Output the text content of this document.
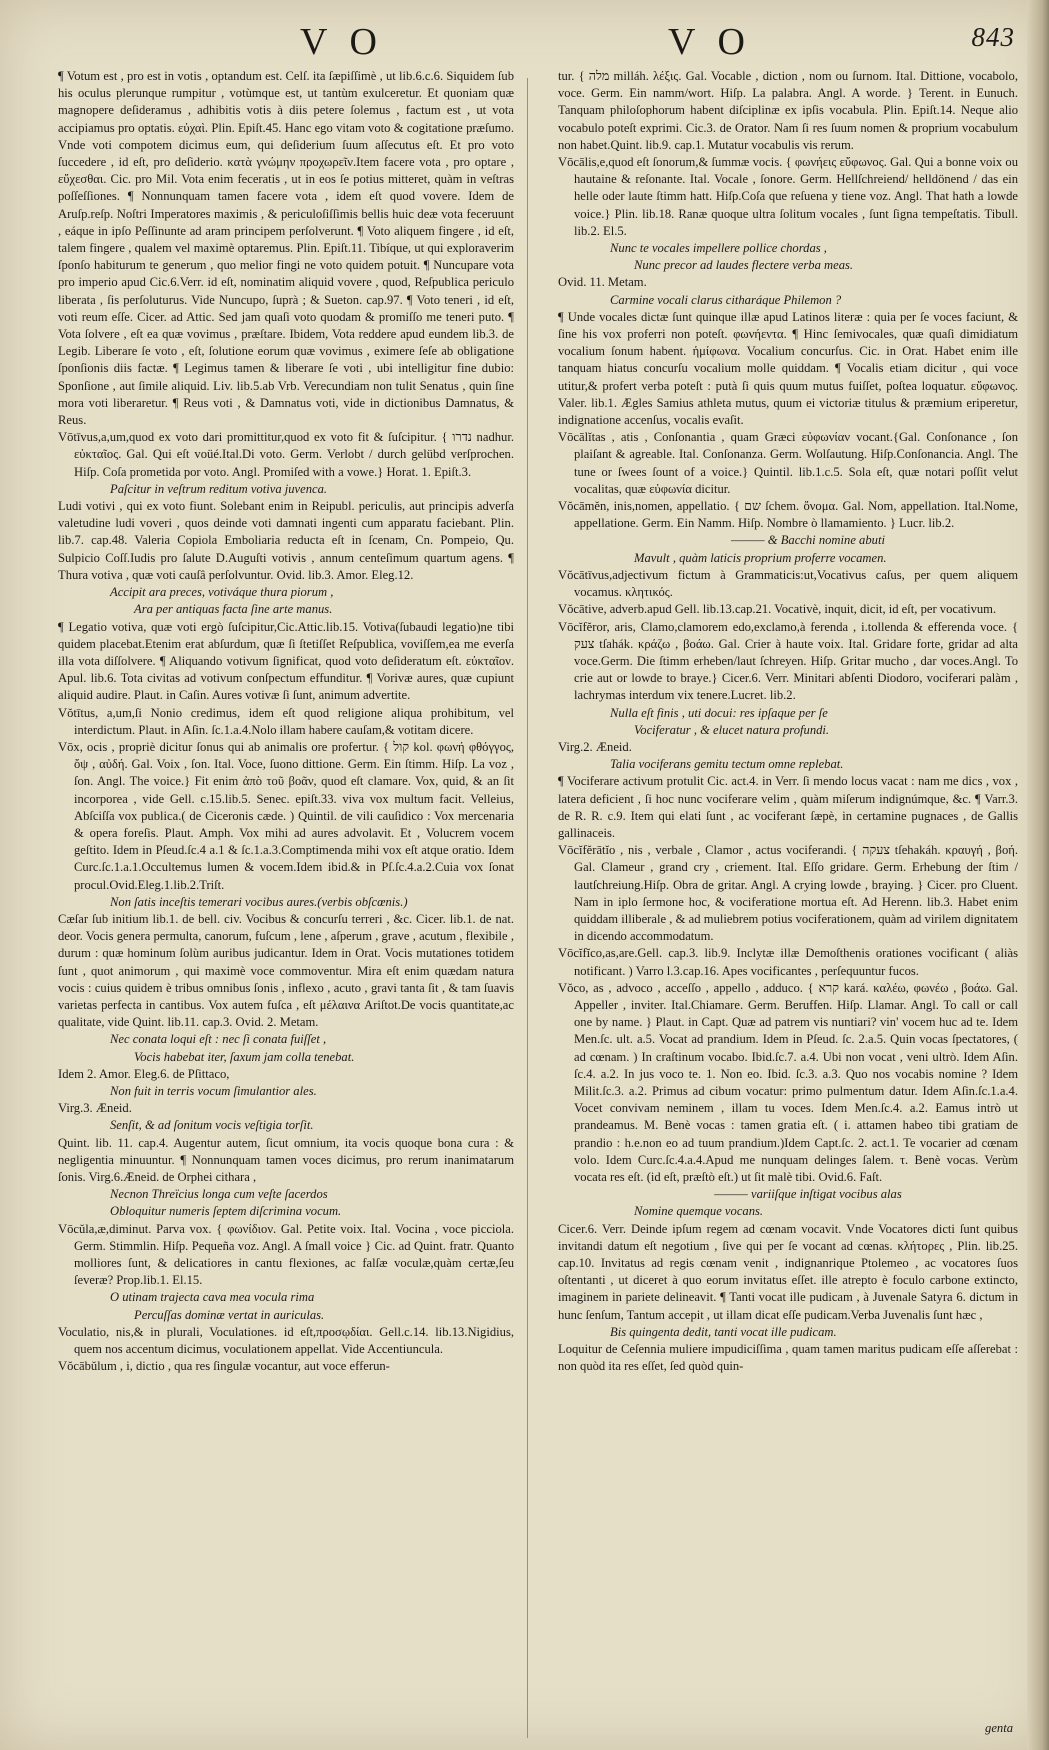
VO	VO	843

¶ Votum est , pro est in votis , optandum est. Celſ. ita ſæpiſſimè , ut lib.6.c.6. Siquidem ſub his oculus plerunque rumpitur , votùmque est, ut tantùm exulceretur. Et quoniam quæ magnopere deſideramus , adhibitis votis à diis petere ſolemus , factum est , ut vota accipiamus pro optatis. εὐχαὶ. Plin. Epiſt.45. Hanc ego vitam voto & cogitatione præſumo. Vnde voti compotem dicimus eum, qui deſiderium ſuum aſſecutus eſt. Et pro voto ſuccedere , id eſt, pro deſiderio. κατὰ γνώμην προχωρεῖν.Item facere vota , pro optare , εὔχεσθαι. Cic. pro Mil. Vota enim feceratis , ut in eos ſe potius mitteret, quàm in veſtras poſſeſſiones. ¶ Nonnunquam tamen facere vota , idem eſt quod vovere. Idem de Aruſp.reſp. Noſtri Imperatores maximis , & periculoſiſſimis bellis huic deæ vota feceruunt , eáque in ipſo Peſſinunte ad aram principem perſolverunt. ¶ Voto aliquem fingere , id eſt, talem fingere , qualem vel maximè optaremus. Plin. Epiſt.11. Tibíque, ut qui exploraverim ſponſo habiturum te generum , quo melior fingi ne voto quidem potuit. ¶ Nuncupare vota pro imperio apud Cic.6.Verr. id eſt, nominatim aliquid vovere , quod, Reſpublica periculo liberata , ſis perſoluturus. Vide Nuncupo, ſuprà ; & Sueton. cap.97. ¶ Voto teneri , id eſt, voti reum eſſe. Cicer. ad Attic. Sed jam quaſi voto quodam & promiſſo me teneri puto. ¶ Vota ſolvere , eſt ea quæ vovimus , præſtare. Ibidem, Vota reddere apud eundem lib.3. de Legib. Liberare ſe voto , eſt, ſolutione eorum quæ vovimus , eximere ſeſe ab obligatione ſponſionis diis factæ. ¶ Legimus tamen & liberare ſe voti , ubi intelligitur fine dubio: Sponſione , aut ſimile aliquid. Liv. lib.5.ab Vrb. Verecundiam non tulit Senatus , quin ſine mora voti liberaretur. ¶ Reus voti , & Damnatus voti, vide in dictionibus Damnatus, & Reus.

Vōtīvus,a,um,quod ex voto dari promittitur,quod ex voto fit & ſuſcipitur. { נדרו nadhur. εὐκταῖος. Gal. Qui eſt voüé.Ital.Di voto. Germ. Verlobt / durch gelübd verſprochen. Hiſp. Coſa prometida por voto. Angl. Promiſed with a vowe.} Horat. 1. Epiſt.3.

Paſcitur in veſtrum reditum votiva juvenca.

Ludi votivi , qui ex voto fiunt. Solebant enim in Reipubl. periculis, aut principis adverſa valetudine ludi voveri , quos deinde voti damnati ingenti cum apparatu faciebant. Plin. lib.7. cap.48. Valeria Copiola Emboliaria reducta eſt in ſcenam, Cn. Pompeio, Qu. Sulpicio Coſſ.Iudis pro ſalute D.Auguſti votivis , annum centeſimum quartum agens. ¶ Thura votiva , quæ voti cauſâ perſolvuntur. Ovid. lib.3. Amor. Eleg.12.

Accipit ara preces, votiváque thura piorum ,

Ara per antiquas facta ſine arte manus.

¶ Legatio votiva, quæ voti ergò ſuſcipitur,Cic.Attic.lib.15. Votiva(ſubaudi legatio)ne tibi quidem placebat.Etenim erat abſurdum, quæ ſi ſtetiſſet Reſpublica, voviſſem,ea me everſa illa vota diſſolvere. ¶ Aliquando votivum ſignificat, quod voto deſideratum eſt. εὐκταῖον. Apul. lib.6. Tota civitas ad votivum conſpectum effunditur. ¶ Vorivæ aures, quæ cupiunt aliquid audire. Plaut. in Caſin. Aures votivæ ſi ſunt, animum advertite.

Vŏtītus, a,um,ſi Nonio credimus, idem eſt quod religione aliqua prohibitum, vel interdictum. Plaut. in Aſin. ſc.1.a.4.Nolo illam habere cauſam,& votitam dicere.

Vōx, ocis , propriè dicitur ſonus qui ab animalis ore profertur. { קול kol. φωνή φθόγγος, ὄψ , αὐδή. Gal. Voix , ſon. Ital. Voce, ſuono dittione. Germ. Ein ſtimm. Hiſp. La voz , ſon. Angl. The voice.} Fit enim ἀπὸ τοῦ βοᾶν, quod eſt clamare. Vox, quid, & an ſit incorporea , vide Gell. c.15.lib.5. Senec. epiſt.33. viva vox multum facit. Velleius, Abſciſſa vox publica.( de Ciceronis cæde. ) Quintil. de vili cauſidico : Vox mercenaria & opera foreſis. Plaut. Amph. Vox mihi ad aures advolavit. Et , Volucrem vocem geſtito. Idem in Pſeud.ſc.4 a.1 & ſc.1.a.3.Comptimenda mihi vox eſt atque oratio. Idem Curc.ſc.1.a.1.Occultemus lumen & vocem.Idem ibid.& in Pſ.ſc.4.a.2.Cuia vox ſonat procul.Ovid.Eleg.1.lib.2.Triſt.

Non ſatis inceſtis temerari vocibus aures.(verbis obſcœnis.)

Cæſar ſub initium lib.1. de bell. civ. Vocibus & concurſu terreri , &c. Cicer. lib.1. de nat. deor. Vocis genera permulta, canorum, fuſcum , lene , aſperum , grave , acutum , flexibile , durum : quæ hominum ſolùm auribus judicantur. Idem in Orat. Vocis mutationes totidem ſunt , quot animorum , qui maximè voce commoventur. Mira eſt enim quædam natura vocis : cuius quidem è tribus omnibus ſonis , inflexo , acuto , gravi tanta ſit , & tam ſuavis varietas perfecta in cantibus. Vox autem fuſca , eſt μέλαινα Ariſtot.De vocis quantitate,ac qualitate, vide Quint. lib.11. cap.3. Ovid. 2. Metam.

Nec conata loqui eſt : nec ſi conata fuiſſet ,

Vocis habebat iter, ſaxum jam colla tenebat.

Idem 2. Amor. Eleg.6. de Pſittaco,

Non fuit in terris vocum ſimulantior ales.

Virg.3. Æneid.

Senſit, & ad ſonitum vocis veſtigia torſit.

Quint. lib. 11. cap.4. Augentur autem, ſicut omnium, ita vocis quoque bona cura : & negligentia minuuntur. ¶ Nonnunquam tamen voces dicimus, pro rerum inanimatarum ſonis. Virg.6.Æneid. de Orphei cithara ,

Necnon Threïcius longa cum veſte ſacerdos

Obloquitur numeris ſeptem diſcrimina vocum.

Vōcŭla,æ,diminut. Parva vox. { φωνίδιον. Gal. Petite voix. Ital. Vocina , voce picciola. Germ. Stimmlin. Hiſp. Pequeña voz. Angl. A ſmall voice } Cic. ad Quint. fratr. Quanto molliores ſunt, & delicatiores in cantu flexiones, ac falſæ voculæ,quàm certæ,ſeu ſeveræ? Prop.lib.1. El.15.

O utinam trajecta cava mea vocula rima

Percuſſas dominæ vertat in auriculas.

Voculatio, nis,& in plurali, Voculationes. id eſt,προσῳδίαι. Gell.c.14. lib.13.Nigidius, quem nos accentum dicimus, voculationem appellat. Vide Accentiuncula.

Vŏcābŭlum , i, dictio , qua res ſingulæ vocantur, aut voce efferun-

tur. { מלה milláh. λέξις. Gal. Vocable , diction , nom ou ſurnom. Ital. Dittione, vocabolo, voce. Germ. Ein namm/wort. Hiſp. La palabra. Angl. A worde. } Terent. in Eunuch. Tanquam philoſophorum habent diſciplinæ ex ipſis vocabula. Plin. Epiſt.14. Neque alio vocabulo poteſt exprimi. Cic.3. de Orator. Nam ſi res ſuum nomen & proprium vocabulum non habet.Quint. lib.9. cap.1. Mutatur vocabulis vis rerum.

Vōcālis,e,quod eſt ſonorum,& ſummæ vocis. { φωνήεις εὔφωνος. Gal. Qui a bonne voix ou hautaine & reſonante. Ital. Vocale , ſonore. Germ. Hellſchreiend/ helldönend / das ein helle oder laute ſtimm hatt. Hiſp.Coſa que reſuena y tiene voz. Angl. That hath a lowde voice.} Plin. lib.18. Ranæ quoque ultra ſolitum vocales , ſunt ſigna tempeſtatis. Tibull. lib.2. El.5.

Nunc te vocales impellere pollice chordas ,

Nunc precor ad laudes flectere verba meas.

Ovid. 11. Metam.

Carmine vocali clarus citharáque Philemon ?

¶ Unde vocales dictæ ſunt quinque illæ apud Latinos literæ : quia per ſe voces faciunt, & ſine his vox proferri non poteſt. φωνήεντα. ¶ Hinc ſemivocales, quæ quaſi dimidiatum vocalium ſonum habent. ἡμίφωνα. Vocalium concurſus. Cic. in Orat. Habet enim ille tanquam hiatus concurſu vocalium molle quiddam. ¶ Vocalis etiam dicitur , qui voce utitur,& profert verba poteſt : putà ſi quis quum mutus fuiſſet, poſtea loquatur. εὔφωνος. Valer. lib.1. Ægles Samius athleta mutus, quum ei victoriæ titulus & præmium eriperetur, indignatione accenſus, vocalis evaſit.

Vōcālĭtas , atis , Conſonantia , quam Græci εὐφωνίαν vocant.{Gal. Conſonance , ſon plaiſant & agreable. Ital. Conſonanza. Germ. Wolſautung. Hiſp.Conſonancia. Angl. The tune or ſwees ſount of a voice.} Quintil. lib.1.c.5. Sola eſt, quæ notari poſſit velut vocalitas, quæ εὐφωνία dicitur.

Vŏcāmĕn, inis,nomen, appellatio. { שם ſchem. ὄνομα. Gal. Nom, appellation. Ital.Nome, appellatione. Germ. Ein Namm. Hiſp. Nombre ò llamamiento. } Lucr. lib.2.

——— & Bacchi nomine abuti

Mavult , quàm laticis proprium proferre vocamen.

Vŏcātīvus,adjectivum fictum à Grammaticis:ut,Vocativus caſus, per quem aliquem vocamus. κλητικός.

Vŏcātive, adverb.apud Gell. lib.13.cap.21. Vocativè, inquit, dicit, id eſt, per vocativum.

Vōcĭfĕror, aris, Clamo,clamorem edo,exclamo,à ferenda , i.tollenda & efferenda voce. { צעק tſahák. κράζω , βοάω. Gal. Crier à haute voix. Ital. Gridare forte, gridar ad alta voce.Germ. Die ſtimm erheben/laut ſchreyen. Hiſp. Gritar mucho , dar voces.Angl. To crie aut or lowde to braye.} Cicer.6. Verr. Minitari abſenti Diodoro, vociferari palàm , lachrymas interdum vix tenere.Lucret. lib.2.

Nulla eſt finis , uti docui: res ipſaque per ſe

Vociferatur , & elucet natura profundi.

Virg.2. Æneid.

Talia vociferans gemitu tectum omne replebat.

¶ Vociferare activum protulit Cic. act.4. in Verr. ſi mendo locus vacat : nam me dics , vox , latera deficient , ſi hoc nunc vociferare velim , quàm miſerum indignúmque, &c. ¶ Varr.3. de R. R. c.9. Item qui elati ſunt , ac vociferant ſæpè, in certamine pugnaces , de Gallis gallinaceis.

Vōcĭfĕrātĭo , nis , verbale , Clamor , actus vociferandi. { צעקה tſehakáh. κραυγή , βοή. Gal. Clameur , grand cry , criement. Ital. Eſſo gridare. Germ. Erhebung der ſtim / lautſchreiung.Hiſp. Obra de gritar. Angl. A crying lowde , braying. } Cicer. pro Cluent. Nam in iplo ſermone hoc, & vociferatione mortua eſt. Ad Herenn. lib.3. Habet enim quiddam illiberale , & ad muliebrem potius vociferationem, quàm ad virilem dignitatem in dicendo accommodatum.

Vōcĭfĭco,as,are.Gell. cap.3. lib.9. Inclytæ illæ Demoſthenis orationes vocificant ( aliàs notificant. ) Varro l.3.cap.16. Apes vocificantes , perſequuntur fucos.

Vŏco, as , advoco , acceſſo , appello , adduco. { קרא kará. καλέω, φωνέω , βοάω. Gal. Appeller , inviter. Ital.Chiamare. Germ. Beruffen. Hiſp. Llamar. Angl. To call or call one by name. } Plaut. in Capt. Quæ ad patrem vis nuntiari? vin' vocem huc ad te. Idem Men.ſc. ult. a.5. Vocat ad prandium. Idem in Pſeud. ſc. 2.a.5. Quin vocas ſpectatores, ( ad cœnam. ) In craſtinum vocabo. Ibid.ſc.7. a.4. Ubi non vocat , veni ultrò. Idem Aſin. ſc.4. a.2. In jus voco te. 1. Non eo. Ibid. ſc.3. a.3. Quo nos vocabis nomine ? Idem Milit.ſc.3. a.2. Primus ad cibum vocatur: primo pulmentum datur. Idem Aſin.ſc.1.a.4. Vocet convivam neminem , illam tu voces. Idem Men.ſc.4. a.2. Eamus intrò ut prandeamus. M. Benè vocas : tamen gratia eſt. ( i. attamen habeo tibi gratiam de prandio : h.e.non eo ad tuum prandium.)Idem Capt.ſc. 2. act.1. Te vocarier ad cœnam volo. Idem Curc.ſc.4.a.4.Apud me nunquam delinges ſalem. τ. Benè vocas. Verùm vocata res eſt. (id eſt, præſtò eſt.) ut ſit malè tibi. Ovid.6. Faſt.

——— variiſque inſtigat vocibus alas

Nomine quemque vocans.

Cicer.6. Verr. Deinde ipſum regem ad cœnam vocavit. Vnde Vocatores dicti ſunt quibus invitandi datum eſt negotium , ſive qui per ſe vocant ad cœnas. κλήτορες , Plin. lib.25. cap.10. Invitatus ad regis cœnam venit , indignanrique Ptolemeo , ac vocatores ſuos oſtentanti , ut diceret à quo eorum invitatus eſſet. ille atrepto è foculo carbone extincto, imaginem in pariete delineavit. ¶ Tanti vocat ille pudicam , à Juvenale Satyra 6. dictum in hunc ſenſum, Tantum accepit , ut illam dicat eſſe pudicam.Verba Juvenalis ſunt hæc ,

Bis quingenta dedit, tanti vocat ille pudicam.

Loquitur de Ceſennia muliere impudiciſſima , quam tamen maritus pudicam eſſe aſſerebat : non quòd ita res eſſet, ſed quòd quin-

genta
